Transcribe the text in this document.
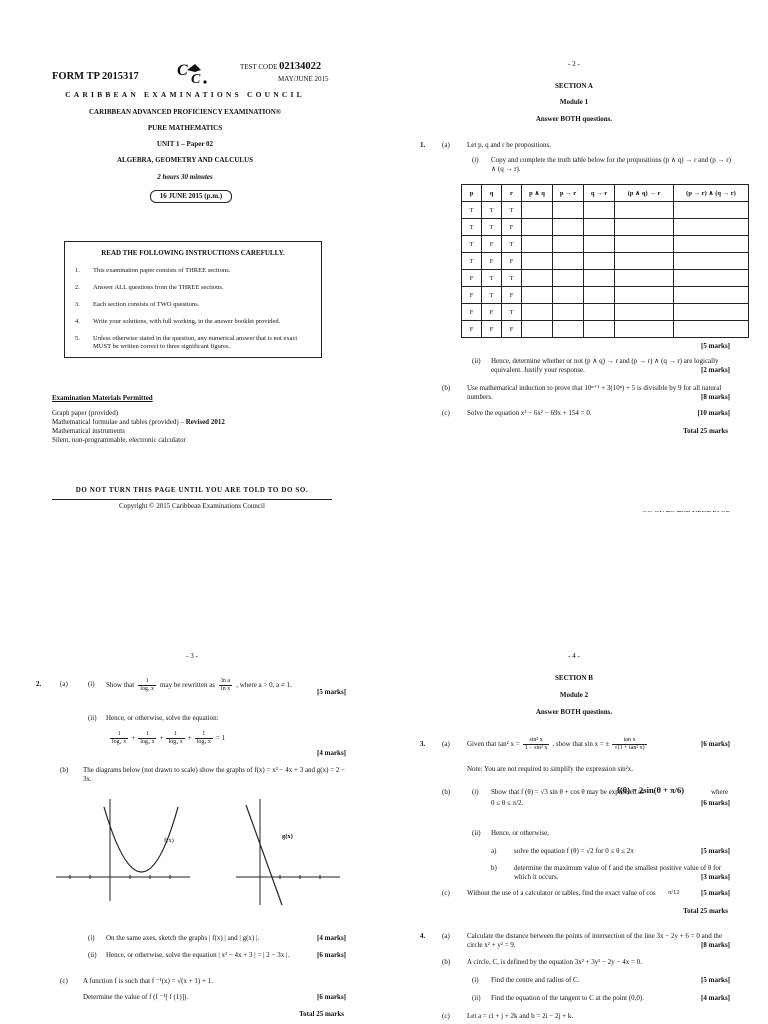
FORM TP 2015317 C
C
TEST CODE 02134022
MAY/JUNE 2015
CARIBBEAN EXAMINATIONS COUNCIL
CARIBBEAN ADVANCED PROFICIENCY EXAMINATION®
PURE MATHEMATICS
UNIT 1 – Paper 02
ALGEBRA, GEOMETRY AND CALCULUS
2 hours 30 minutes
16 JUNE 2015 (p.m.)
READ THE FOLLOWING INSTRUCTIONS CAREFULLY.
1. This examination paper consists of THREE sections.
2. Answer ALL questions from the THREE sections.
3. Each section consists of TWO questions.
4. Write your solutions, with full working, in the answer booklet provided.
5.	Unless otherwise stated in the question, any numerical answer that is not exact MUST be written correct to three significant figures.
Examination Materials Permitted
Graph paper (provided)
Mathematical formulae and tables (provided) – Revised 2012
Mathematical instruments
Silent, non-programmable, electronic calculator
DO NOT TURN THIS PAGE UNTIL YOU ARE TOLD TO DO SO.
Copyright © 2015 Caribbean Examinations Council
- 2 -
SECTION A
Module 1
Answer BOTH questions.
1. (a) Let p, q and r be propositions.
(i) Copy and complete the truth table below for the propositions (p ∧ q) → r and (p → r) ∧ (q → r).
p	q	r	p ∧ q	p → r	q → r	(p ∧ q) → r	(p → r) ∧ (q → r)
T	T	T					
T	T	F					
T	F	T					
T	F	F					
F	T	T					
F	T	F					
F	F	T					
F	F	F					
[5 marks]
(ii) Hence, determine whether or not (p ∧ q) → r and (p → r) ∧ (q → r) are logically equivalent. Justify your response.	[2 marks]
(b) Use mathematical induction to prove that 10ⁿ⁺¹ + 3(10ⁿ) + 5 is divisible by 9 for all natural numbers.	[8 marks]
(c) Solve the equation x³ − 6x² − 69x + 154 = 0.	[10 marks]
Total 25 marks
- 3 -
2.	(a)	(i) Show that $\frac{1}{\text{logₐ x}}$ may be rewritten as $\frac{\text{ln a}}{\text{ln x}}$ , where a > 0, a ≠ 1.
[5 marks]
(ii) Hence, or otherwise, solve the equation:
$\frac{1}{\text{log₂ x}} + \frac{1}{\text{log₃ x}} + \frac{1}{\text{log₄ x}} + \frac{1}{\text{log₅ x}} = 1$
[4 marks]
(b) The diagrams below (not drawn to scale) show the graphs of f(x) = x² − 4x + 3 and g(x) = 2 − 3x.
f(x)
g(x)
(i) On the same axes, sketch the graphs | f(x) | and | g(x) |.	[4 marks]
(ii) Hence, or otherwise, solve the equation | x² − 4x + 3 | = | 2 − 3x |.	[6 marks]
(c) A function f is such that f ⁻¹(x) = √(x + 1) + 1.
Determine the value of f (f ⁻¹[ f (1)]).	[6 marks]
Total 25 marks
- 4 -
SECTION B
Module 2
Answer BOTH questions.
3. (a) Given that tan² $x = \frac{\text{sin² x}}{\text{1 − sin² x}}$ , show that sin x = ± $\frac{\text{tan x}}{\text{√(1 + tan² x)}}$	[6 marks]
Note: You are not required to simplify the expression sin²x.
(b)	(i) Show that f (θ) = √3 sin θ + cos θ may be expressed as
f(θ) = 2sin(θ + π/6)	where
0 ≤ θ ≤ π/2.	[6 marks]
(ii) Hence, or otherwise,
a)	solve the equation f (θ) = √2 for 0 ≤ θ ≤ 2π	[5 marks]
b) determine the maximum value of f and the smallest positive value of θ for which it occurs.	[3 marks]
(c) Without the use of a calculator or tables, find the exact value of cos π/12	[5 marks]
Total 25 marks
4. (a) Calculate the distance between the points of intersection of the line 3x − 2y + 6 = 0 and the circle x² + y² = 9.	[8 marks]
(b) A circle, C, is defined by the equation 3x² + 3y² − 2y − 4x = 0.
(i) Find the centre and radius of C.	[5 marks]
(ii) Find the equation of the tangent to C at the point (0,0).	[4 marks]
(c) Let a = ci + j + 2k and b = 2i − 2j + k.
